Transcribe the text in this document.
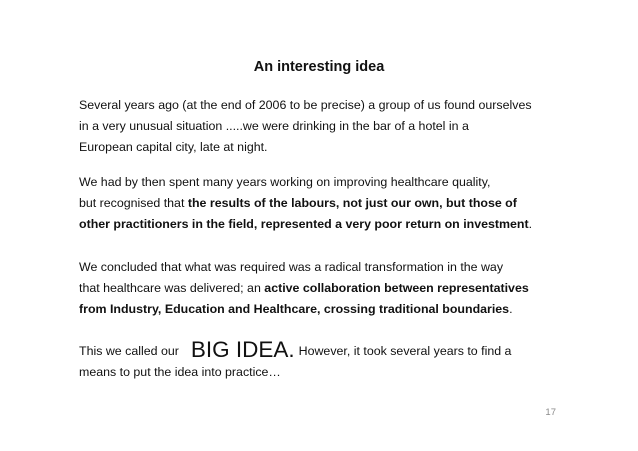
An interesting idea

Several years ago (at the end of 2006 to be precise) a group of us found ourselves
in a very unusual situation .....we were drinking in the bar of a hotel in a
European capital city, late at night.

We had by then spent many years working on improving healthcare quality,
but recognised that the results of the labours, not just our own, but those of
other practitioners in the field, represented a very poor return on investment.

We concluded that what was required was a radical transformation in the way
that healthcare was delivered; an active collaboration between representatives
from Industry, Education and Healthcare, crossing traditional boundaries.

This we called our BIG IDEA. However, it took several years to find a
means to put the idea into practice…

17
